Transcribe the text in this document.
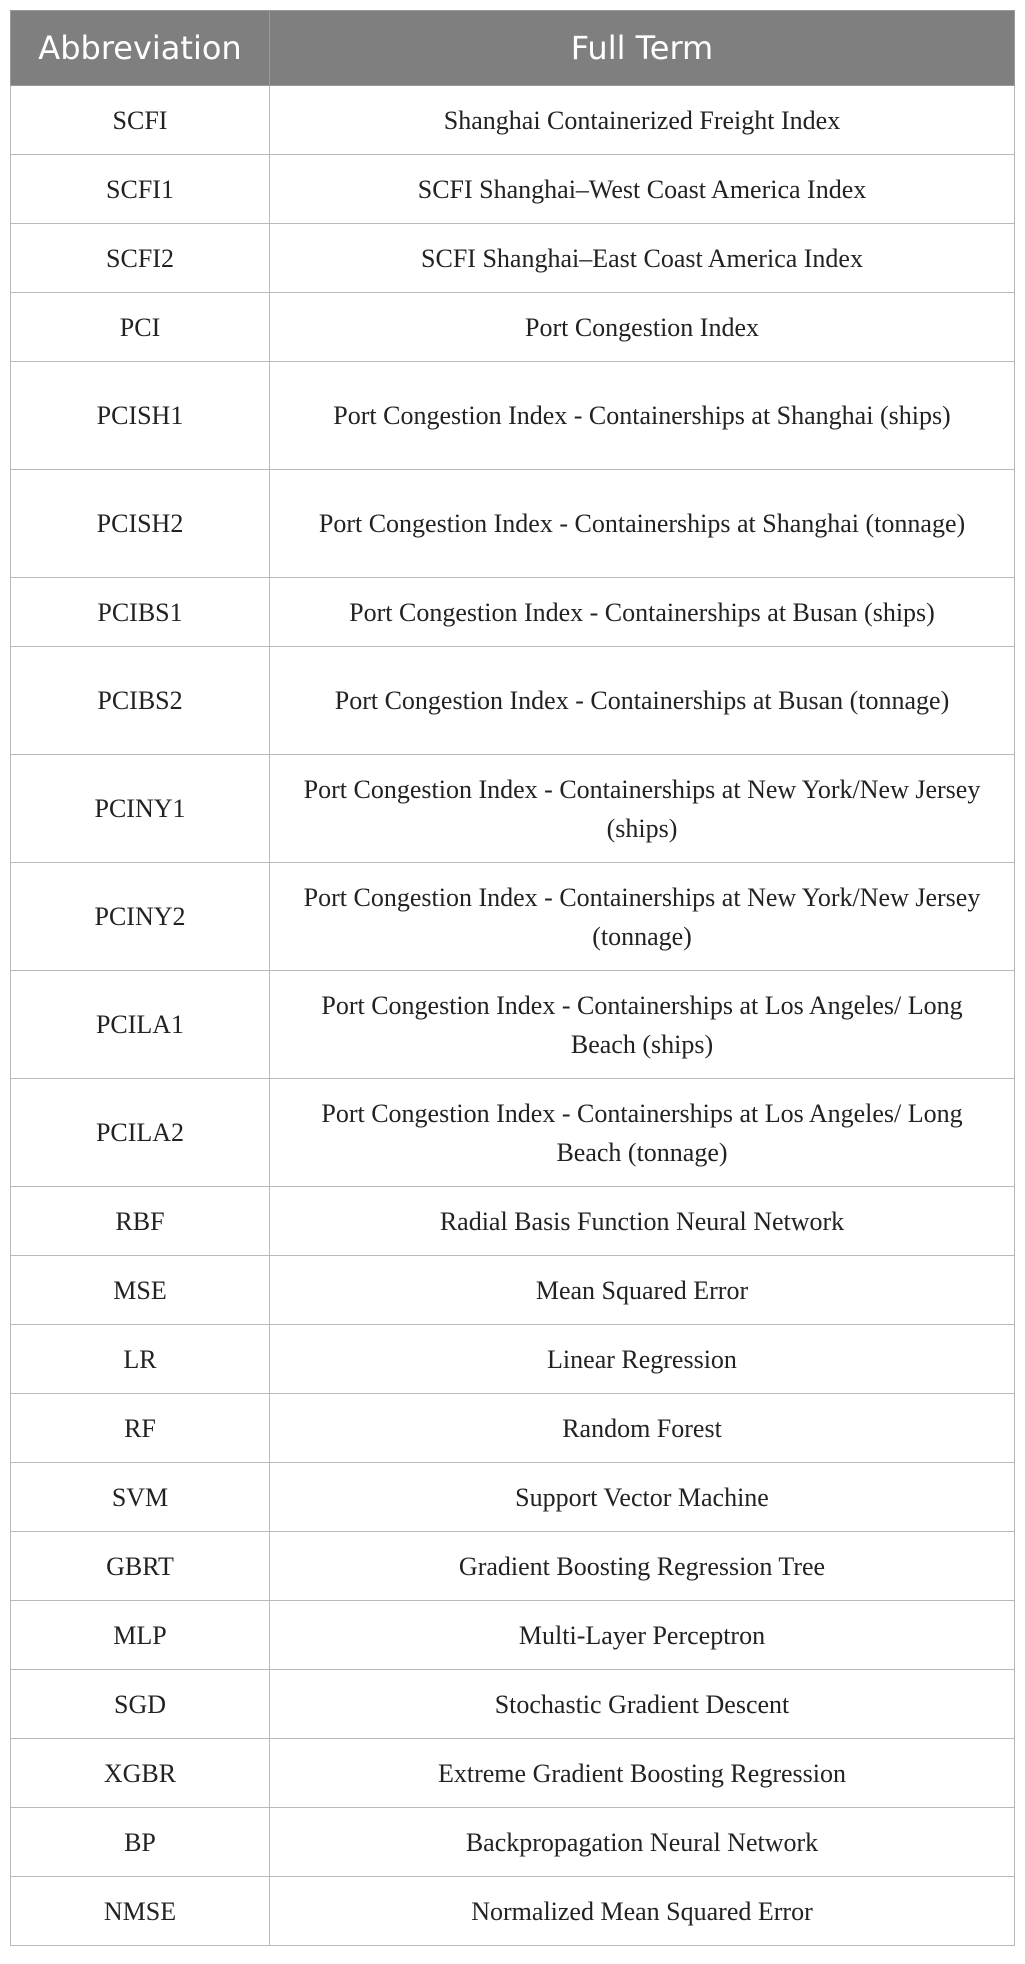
Abbreviation	Full Term
SCFI	Shanghai Containerized Freight Index
SCFI1	SCFI Shanghai–West Coast America Index
SCFI2	SCFI Shanghai–East Coast America Index
PCI	Port Congestion Index
PCISH1	Port Congestion Index - Containerships at Shanghai (ships)
PCISH2	Port Congestion Index - Containerships at Shanghai (tonnage)
PCIBS1	Port Congestion Index - Containerships at Busan (ships)
PCIBS2	Port Congestion Index - Containerships at Busan (tonnage)
PCINY1	Port Congestion Index - Containerships at New York/New Jersey (ships)
PCINY2	Port Congestion Index - Containerships at New York/New Jersey (tonnage)
PCILA1	Port Congestion Index - Containerships at Los Angeles/ Long Beach (ships)
PCILA2	Port Congestion Index - Containerships at Los Angeles/ Long Beach (tonnage)
RBF	Radial Basis Function Neural Network
MSE	Mean Squared Error
LR	Linear Regression
RF	Random Forest
SVM	Support Vector Machine
GBRT	Gradient Boosting Regression Tree
MLP	Multi-Layer Perceptron
SGD	Stochastic Gradient Descent
XGBR	Extreme Gradient Boosting Regression
BP	Backpropagation Neural Network
NMSE	Normalized Mean Squared Error
